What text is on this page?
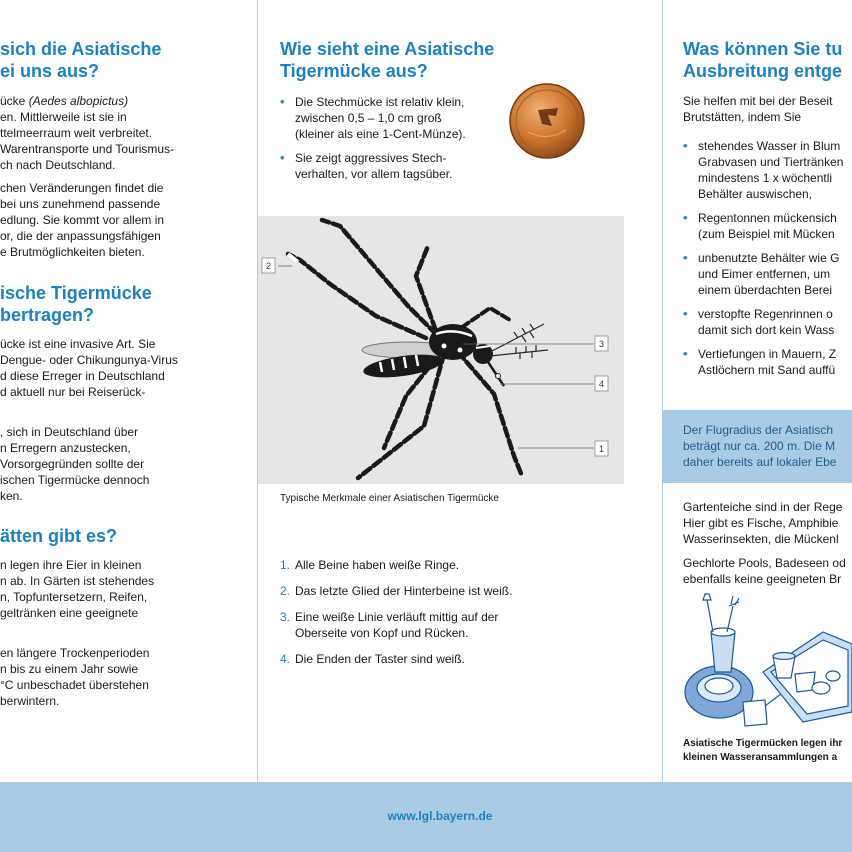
sich die Asiatische
ei uns aus?
ücke (Aedes albopictus)
en. Mittlerweile ist sie in
ttelmeerraum weit verbreitet.
Warentransporte und Tourismus-
ch nach Deutschland.
chen Veränderungen findet die
bei uns zunehmend passende
edlung. Sie kommt vor allem in
or, die der anpassungsfähigen
e Brutmöglichkeiten bieten.
ische Tigermücke
bertragen?
ücke ist eine invasive Art. Sie
Dengue- oder Chikungunya-Virus
d diese Erreger in Deutschland
d aktuell nur bei Reiserück-
, sich in Deutschland über
n Erregern anzustecken,
Vorsorgegründen sollte der
ischen Tigermücke dennoch
ken.
ätten gibt es?
n legen ihre Eier in kleinen
n ab. In Gärten ist stehendes
n, Topfuntersetzern, Reifen,
geltränken eine geeignete
en längere Trockenperioden
n bis zu einem Jahr sowie
°C unbeschadet überstehen
berwintern.
Wie sieht eine Asiatische
Tigermücke aus?
• Die Stechmücke ist relativ klein,
zwischen 0,5 – 1,0 cm groß
(kleiner als eine 1-Cent-Münze).
• Sie zeigt aggressives Stech-
verhalten, vor allem tagsüber.
2
3
4
1
Typische Merkmale einer Asiatischen Tigermücke
1. Alle Beine haben weiße Ringe.
2. Das letzte Glied der Hinterbeine ist weiß.
3. Eine weiße Linie verläuft mittig auf der
Oberseite von Kopf und Rücken.
4. Die Enden der Taster sind weiß.
Was können Sie tu
Ausbreitung entge
Sie helfen mit bei der Beseit
Brutstätten, indem Sie
• stehendes Wasser in Blum
Grabvasen und Tiertränken
mindestens 1 x wöchentli
Behälter auswischen,
• Regentonnen mückensich
(zum Beispiel mit Mücken
• unbenutzte Behälter wie G
und Eimer entfernen, um
einem überdachten Berei
• verstopfte Regenrinnen o
damit sich dort kein Wass
• Vertiefungen in Mauern, Z
Astlöchern mit Sand auffü
Der Flugradius der Asiatisch
beträgt nur ca. 200 m. Die M
daher bereits auf lokaler Ebe
Gartenteiche sind in der Rege
Hier gibt es Fische, Amphibie
Wasserinsekten, die Mückenl
Gechlorte Pools, Badeseen od
ebenfalls keine geeigneten Br
Asiatische Tigermücken legen ihr
kleinen Wasseransammlungen a
www.lgl.bayern.de
